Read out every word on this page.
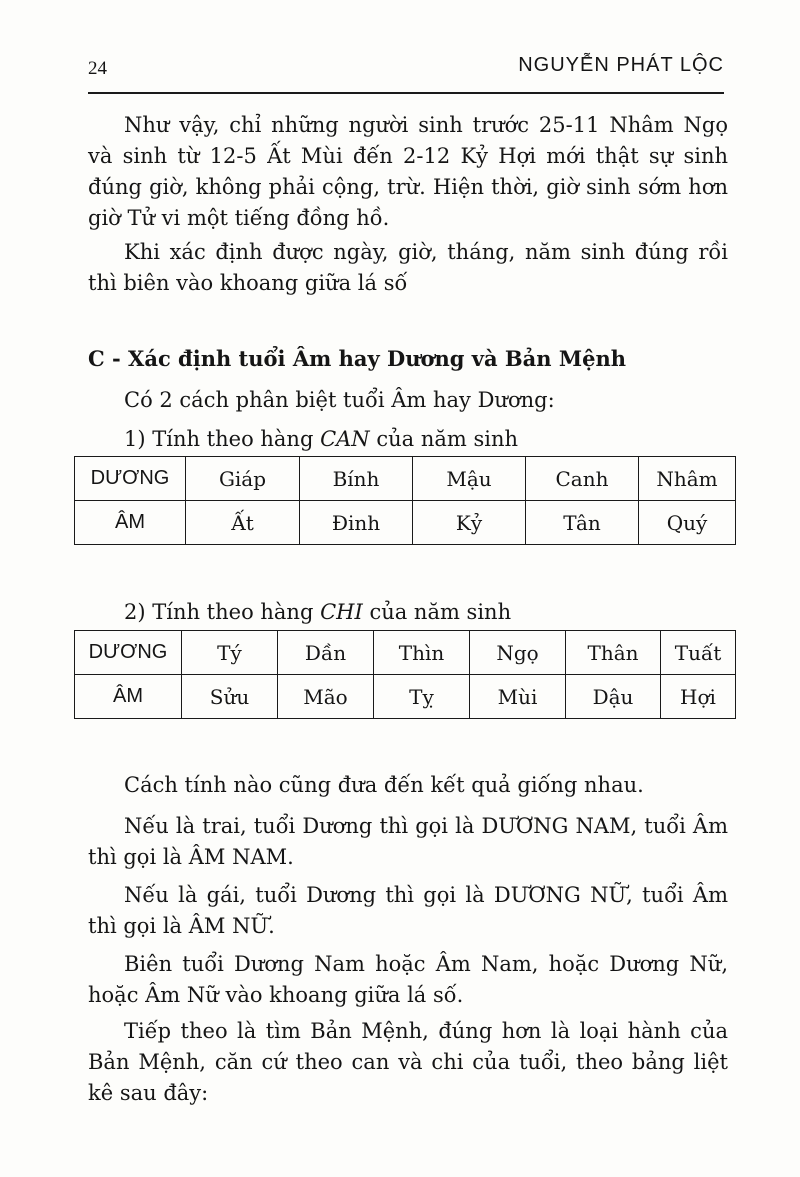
24	NGUYỄN PHÁT LỘC

Như vậy, chỉ những người sinh trước 25-11 Nhâm Ngọ và sinh từ 12-5 Ất Mùi đến 2-12 Kỷ Hợi mới thật sự sinh đúng giờ, không phải cộng, trừ. Hiện thời, giờ sinh sớm hơn giờ Tử vi một tiếng đồng hồ.

Khi xác định được ngày, giờ, tháng, năm sinh đúng rồi thì biên vào khoang giữa lá số

C - Xác định tuổi Âm hay Dương và Bản Mệnh

Có 2 cách phân biệt tuổi Âm hay Dương:

1) Tính theo hàng CAN của năm sinh

DƯƠNG	Giáp	Bính	Mậu	Canh	Nhâm
ÂM	Ất	Đinh	Kỷ	Tân	Quý

2) Tính theo hàng CHI của năm sinh

DƯƠNG	Tý	Dần	Thìn	Ngọ	Thân	Tuất
ÂM	Sửu	Mão	Tỵ	Mùi	Dậu	Hợi

Cách tính nào cũng đưa đến kết quả giống nhau.

Nếu là trai, tuổi Dương thì gọi là DƯƠNG NAM, tuổi Âm thì gọi là ÂM NAM.

Nếu là gái, tuổi Dương thì gọi là DƯƠNG NỮ, tuổi Âm thì gọi là ÂM NỮ.

Biên tuổi Dương Nam hoặc Âm Nam, hoặc Dương Nữ, hoặc Âm Nữ vào khoang giữa lá số.

Tiếp theo là tìm Bản Mệnh, đúng hơn là loại hành của Bản Mệnh, căn cứ theo can và chi của tuổi, theo bảng liệt kê sau đây:
